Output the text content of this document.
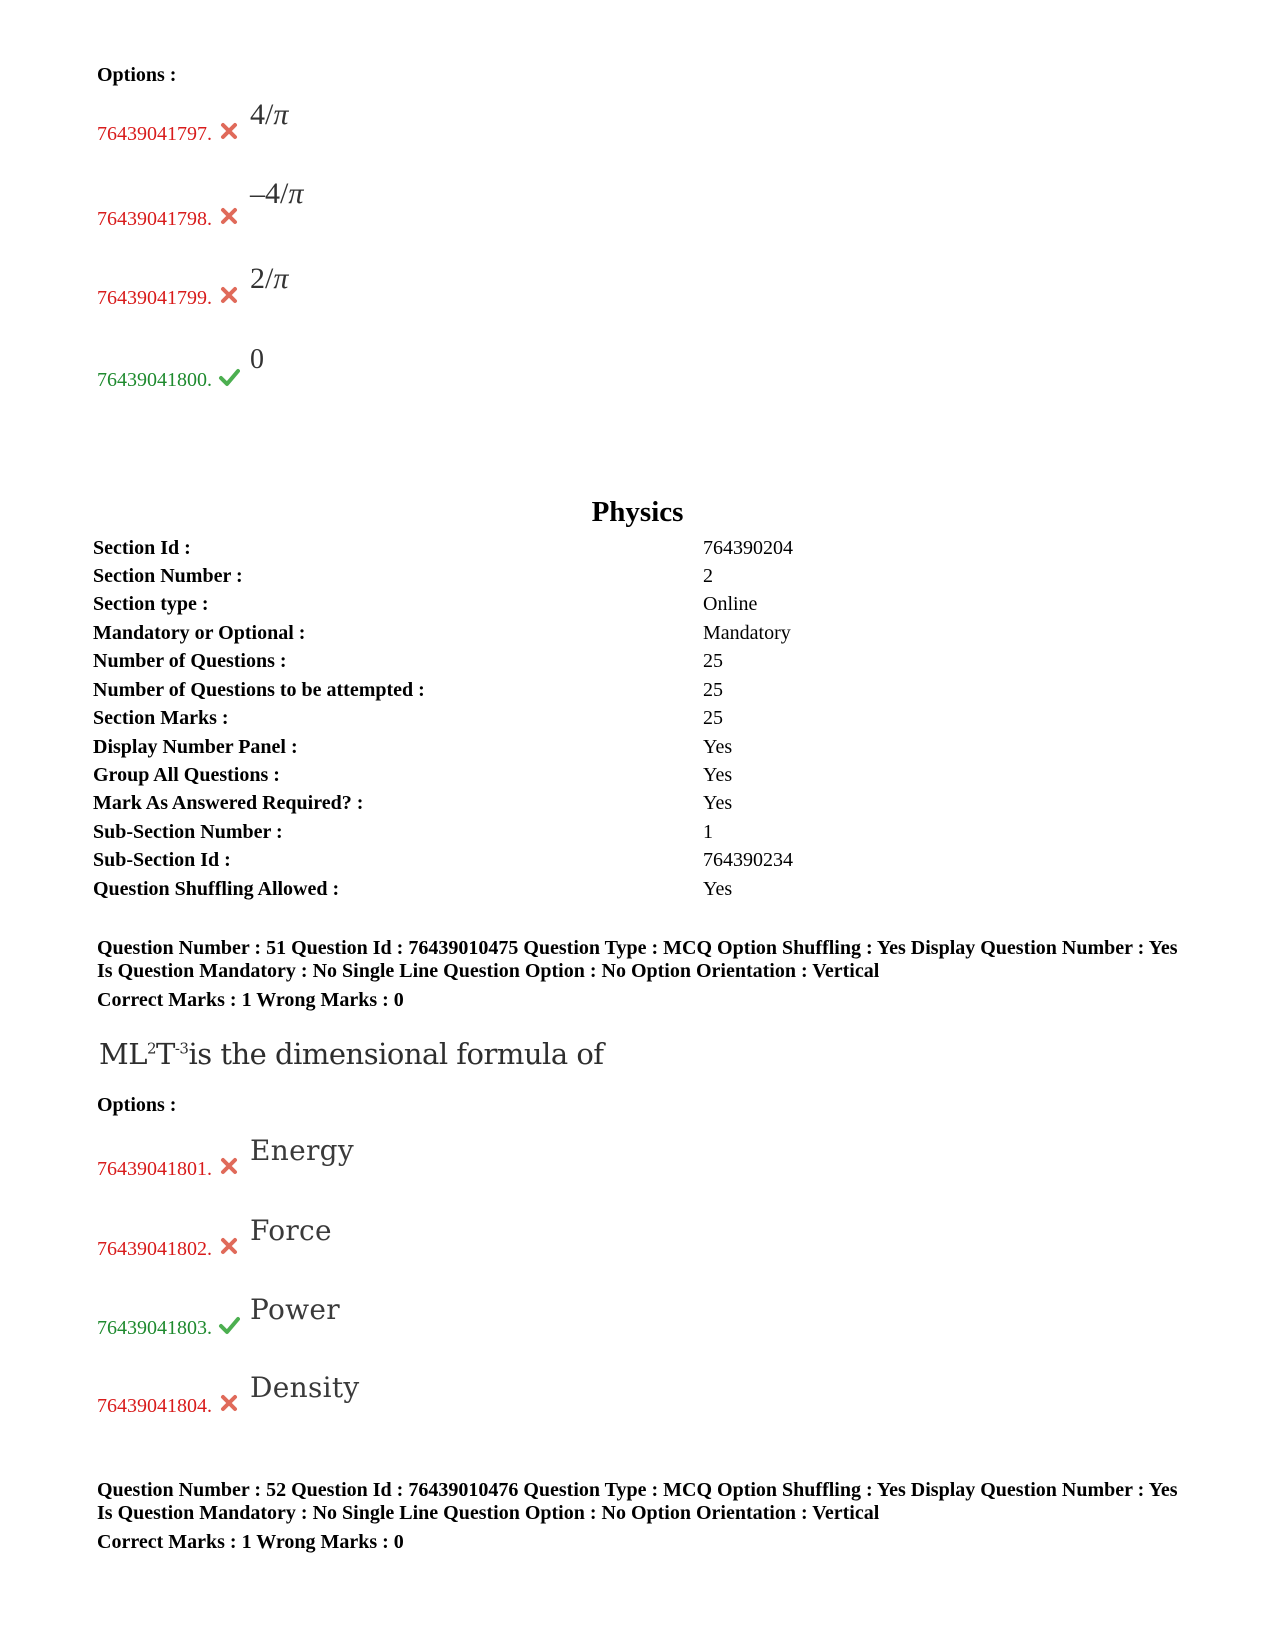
Options :
76439041797.
4/π
76439041798.
–4/π
76439041799.
2/π
76439041800.
0
Physics
Section Id :	764390204
Section Number :	2
Section type :	Online
Mandatory or Optional :	Mandatory
Number of Questions :	25
Number of Questions to be attempted :	25
Section Marks :	25
Display Number Panel :	Yes
Group All Questions :	Yes
Mark As Answered Required? :	Yes
Sub-Section Number :	1
Sub-Section Id :	764390234
Question Shuffling Allowed :	Yes
Question Number : 51 Question Id : 76439010475 Question Type : MCQ Option Shuffling : Yes Display Question Number : Yes Is Question Mandatory : No Single Line Question Option : No Option Orientation : Vertical
Correct Marks : 1 Wrong Marks : 0
$ML^2T^{-3}is$ the dimensional formula of
Options :
76439041801.
Energy
76439041802.
Force
76439041803.
Power
76439041804.
Density
Question Number : 52 Question Id : 76439010476 Question Type : MCQ Option Shuffling : Yes Display Question Number : Yes Is Question Mandatory : No Single Line Question Option : No Option Orientation : Vertical
Correct Marks : 1 Wrong Marks : 0
